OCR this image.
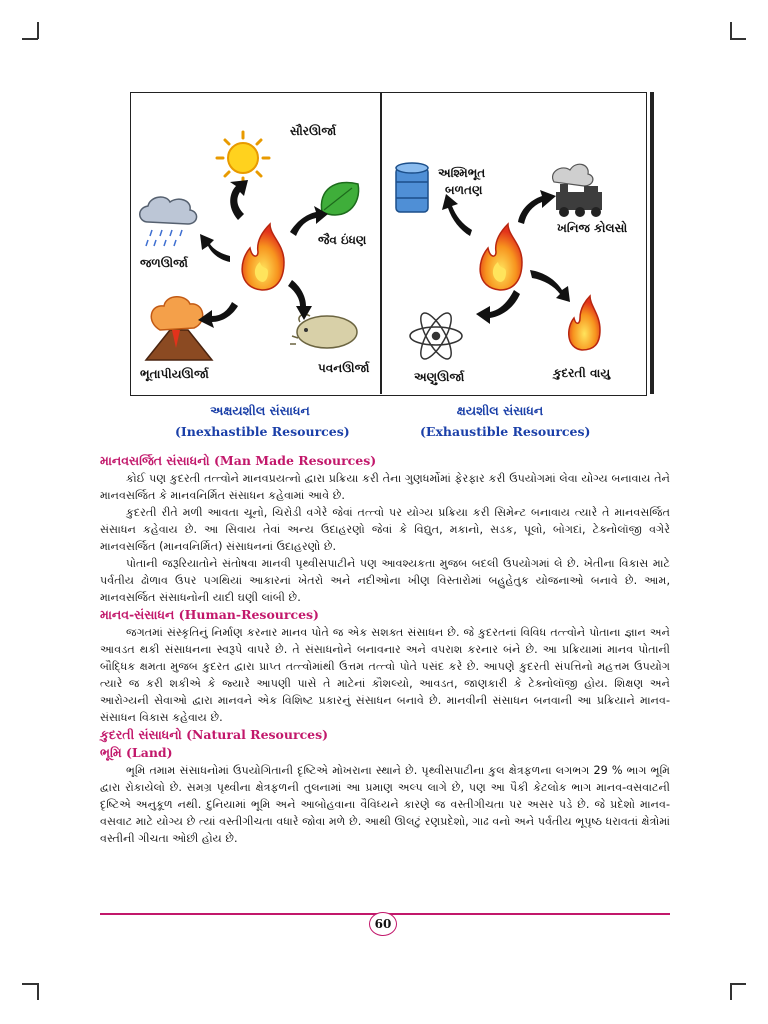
સૌરઊર્જા
જૈવ ઇંધણ
જળઊર્જા
ભૂતાપીયઊર્જા	પવનઊર્જા
અશ્મિભૂત
બળતણ
ખનિજ કોલસો
અણુઊર્જા	કુદરતી વાયુ
અક્ષયશીલ સંસાધન
(Inexhastible Resources)
ક્ષયશીલ સંસાધન
(Exhaustible Resources)
માનવસર્જિત સંસાધનો (Man Made Resources)

કોઈ પણ કુદરતી તત્ત્વોને માનવપ્રયત્નો દ્વારા પ્રક્રિયા કરી તેના ગુણધર્મોમાં ફેરફાર કરી ઉપયોગમાં લેવા યોગ્ય બનાવાય તેને માનવસર્જિત કે માનવનિર્મિત સંસાધન કહેવામાં આવે છે.

કુદરતી રીતે મળી આવતા ચૂનો, ચિરોડી વગેરે જેવાં તત્ત્વો પર યોગ્ય પ્રક્રિયા કરી સિમેન્ટ બનાવાય ત્યારે તે માનવસર્જિત સંસાધન કહેવાય છે. આ સિવાય તેવાં અન્ય ઉદાહરણો જેવાં કે વિદ્યુત, મકાનો, સડક, પૂલો, બોગદાં, ટેક્નોલૉજી વગેરે માનવસર્જિત (માનવનિર્મિત) સંસાધનનાં ઉદાહરણો છે.

પોતાની જરૂરિયાતોને સંતોષવા માનવી પૃથ્વીસપાટીને પણ આવશ્યકતા મુજબ બદલી ઉપયોગમાં લે છે. ખેતીના વિકાસ માટે પર્વતીય ઢોળાવ ઉપર પગથિયાં આકારનાં ખેતરો અને નદીઓના ખીણ વિસ્તારોમાં બહુહેતુક યોજનાઓ બનાવે છે. આમ, માનવસર્જિત સંસાધનોની યાદી ઘણી લાંબી છે.

માનવ-સંસાધન (Human-Resources)

જગતમાં સંસ્કૃતિનું નિર્માણ કરનાર માનવ પોતે જ એક સશક્ત સંસાધન છે. જે કુદરતનાં વિવિધ તત્ત્વોને પોતાના જ્ઞાન અને આવડત થકી સંસાધનના સ્વરૂપે વાપરે છે. તે સંસાધનોને બનાવનાર અને વપરાશ કરનાર બંને છે. આ પ્રક્રિયામાં માનવ પોતાની બૌદ્ધિક ક્ષમતા મુજબ કુદરત દ્વારા પ્રાપ્ત તત્ત્વોમાંથી ઉત્તમ તત્ત્વો પોતે પસંદ કરે છે. આપણે કુદરતી સંપત્તિનો મહત્તમ ઉપયોગ ત્યારે જ કરી શકીએ કે જ્યારે આપણી પાસે તે માટેનાં કૌશલ્યો, આવડત, જાણકારી કે ટેક્નોલૉજી હોય. શિક્ષણ અને આરોગ્યની સેવાઓ દ્વારા માનવને એક વિશિષ્ટ પ્રકારનું સંસાધન બનાવે છે. માનવીની સંસાધન બનવાની આ પ્રક્રિયાને માનવ-સંસાધન વિકાસ કહેવાય છે.

કુદરતી સંસાધનો (Natural Resources)
ભૂમિ (Land)

ભૂમિ તમામ સંસાધનોમાં ઉપયોગિતાની દૃષ્ટિએ મોખરાના સ્થાને છે. પૃથ્વીસપાટીના કુલ ક્ષેત્રફળના લગભગ 29 % ભાગ ભૂમિ દ્વારા રોકાયેલો છે. સમગ્ર પૃથ્વીના ક્ષેત્રફળની તુલનામાં આ પ્રમાણ અલ્પ લાગે છે, પણ આ પૈકી કેટલોક ભાગ માનવ-વસવાટની દૃષ્ટિએ અનુકૂળ નથી. દુનિયામાં ભૂમિ અને આબોહવાના વૈવિધ્યને કારણે જ વસ્તીગીચતા પર અસર પડે છે. જે પ્રદેશો માનવ-વસવાટ માટે યોગ્ય છે ત્યાં વસ્તીગીચતા વધારે જોવા મળે છે. આથી ઊલટું રણપ્રદેશો, ગાઢ વનો અને પર્વતીય ભૂપૃષ્ઠ ધરાવતાં ક્ષેત્રોમાં વસ્તીની ગીચતા ઓછી હોય છે.

60
